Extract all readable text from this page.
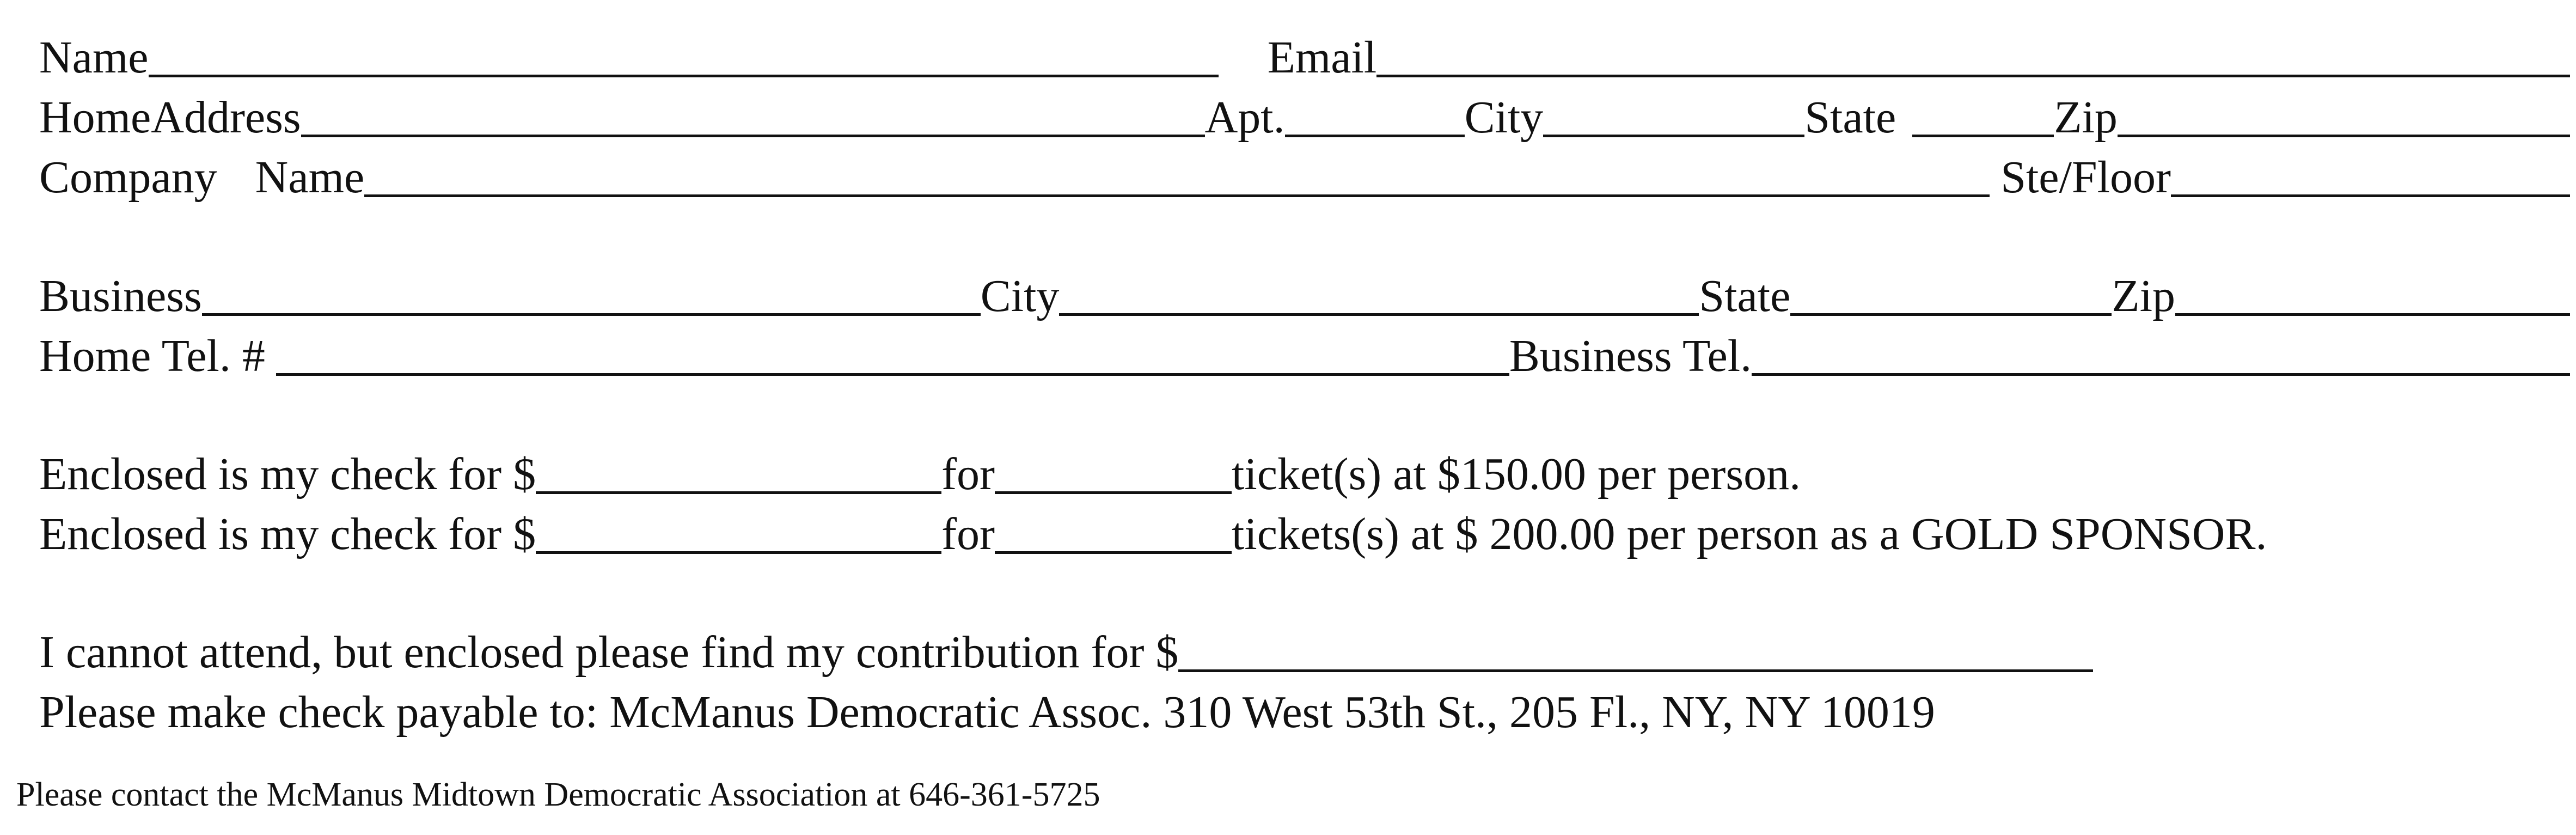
Name	Email
HomeAddress	Apt.	City	State	Zip
Company Name	Ste/Floor
Business	City	State	Zip
Home Tel. #	Business Tel.
Enclosed is my check for $	for	ticket(s) at $150.00 per person.
Enclosed is my check for $	for	tickets(s) at $ 200.00 per person as a GOLD SPONSOR.
I cannot attend, but enclosed please find my contribution for $
Please make check payable to: McManus Democratic Assoc. 310 West 53th St., 205 Fl., NY, NY 10019
Please contact the McManus Midtown Democratic Association at 646-361-5725
